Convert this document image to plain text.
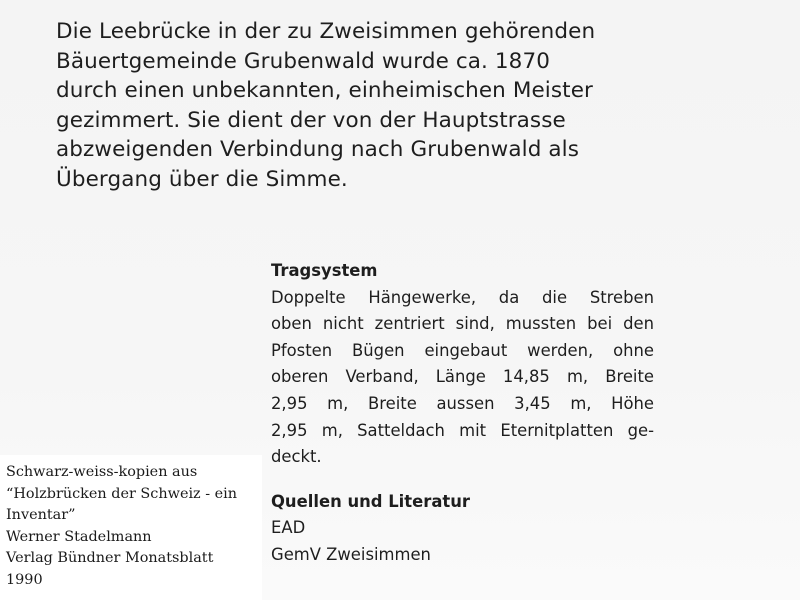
Die Leebrücke in der zu Zweisimmen gehörenden
Bäuertgemeinde Grubenwald wurde ca. 1870
durch einen unbekannten, einheimischen Meister
gezimmert. Sie dient der von der Hauptstrasse
abzweigenden Verbindung nach Grubenwald als
Übergang über die Simme.
Tragsystem
Doppelte Hängewerke, da die Streben
oben nicht zentriert sind, mussten bei den
Pfosten Bügen eingebaut werden, ohne
oberen Verband, Länge 14,85 m, Breite
2,95 m, Breite aussen 3,45 m, Höhe
2,95 m, Satteldach mit Eternitplatten ge-
deckt.
Quellen und Literatur
EAD
GemV Zweisimmen
Schwarz-weiss-kopien aus
“Holzbrücken der Schweiz - ein
Inventar”
Werner Stadelmann
Verlag Bündner Monatsblatt
1990
